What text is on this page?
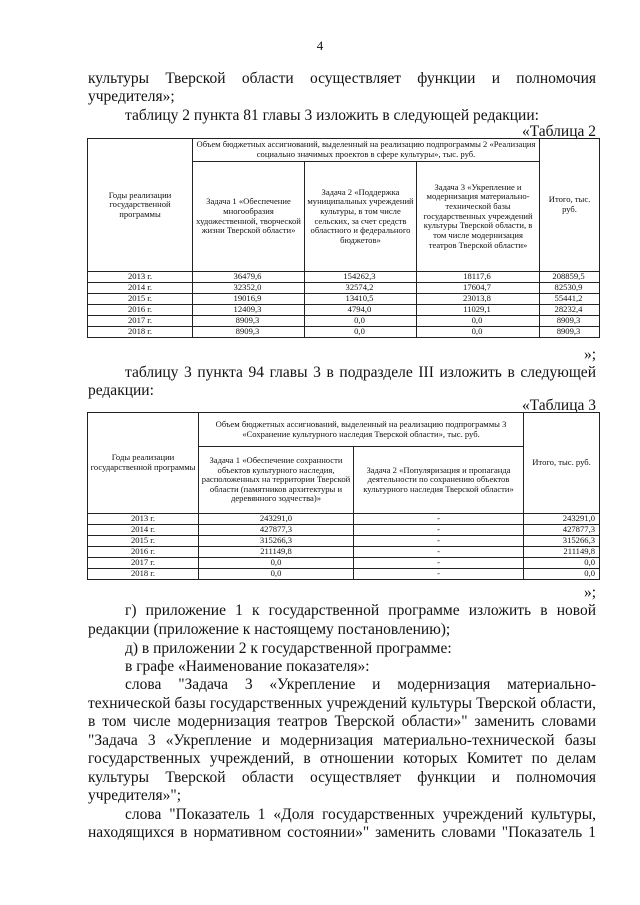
4
культуры Тверской области осуществляет функции и полномочия
учредителя»;
таблицу 2 пункта 81 главы 3 изложить в следующей редакции:
«Таблица 2
Годы реализации государственной программы	Объем бюджетных ассигнований, выделенный на реализацию подпрограммы 2 «Реализация социально значимых проектов в сфере культуры», тыс. руб.			Итого, тыс. руб.
	Задача 1 «Обеспечение многообразия художественной, творческой жизни Тверской области»	Задача 2 «Поддержка муниципальных учреждений культуры, в том числе сельских, за счет средств областного и федерального бюджетов»	Задача 3 «Укрепление и модернизация материально-технической базы государственных учреждений культуры Тверской области, в том числе модернизация театров Тверской области»	
2013 г.	36479,6	154262,3	18117,6	208859,5
2014 г.	32352,0	32574,2	17604,7	82530,9
2015 г.	19016,9	13410,5	23013,8	55441,2
2016 г.	12409,3	4794,0	11029,1	28232,4
2017 г.	8909,3	0,0	0,0	8909,3
2018 г.	8909,3	0,0	0,0	8909,3
»;
таблицу 3 пункта 94 главы 3 в подразделе III изложить в следующей
редакции:
«Таблица 3
Годы реализации государственной программы	Объем бюджетных ассигнований, выделенный на реализацию подпрограммы 3 «Сохранение культурного наследия Тверской области», тыс. руб.		Итого, тыс. руб.
	Задача 1 «Обеспечение сохранности объектов культурного наследия, расположенных на территории Тверской области (памятников архитектуры и деревянного зодчества)»	Задача 2 «Популяризация и пропаганда деятельности по сохранению объектов культурного наследия Тверской области»	
2013 г.	243291,0	-	243291,0
2014 г.	427877,3	-	427877,3
2015 г.	315266,3	-	315266,3
2016 г.	211149,8	-	211149,8
2017 г.	0,0	-	0,0
2018 г.	0,0	-	0,0
»;
г) приложение 1 к государственной программе изложить в новой
редакции (приложение к настоящему постановлению);
д) в приложении 2 к государственной программе:
в графе «Наименование показателя»:
слова "Задача 3 «Укрепление и модернизация материально-
технической базы государственных учреждений культуры Тверской области,
в том числе модернизация театров Тверской области»" заменить словами
"Задача 3 «Укрепление и модернизация материально-технической базы
государственных учреждений, в отношении которых Комитет по делам
культуры Тверской области осуществляет функции и полномочия
учредителя»";
слова "Показатель 1 «Доля государственных учреждений культуры,
находящихся в нормативном состоянии»" заменить словами "Показатель 1
